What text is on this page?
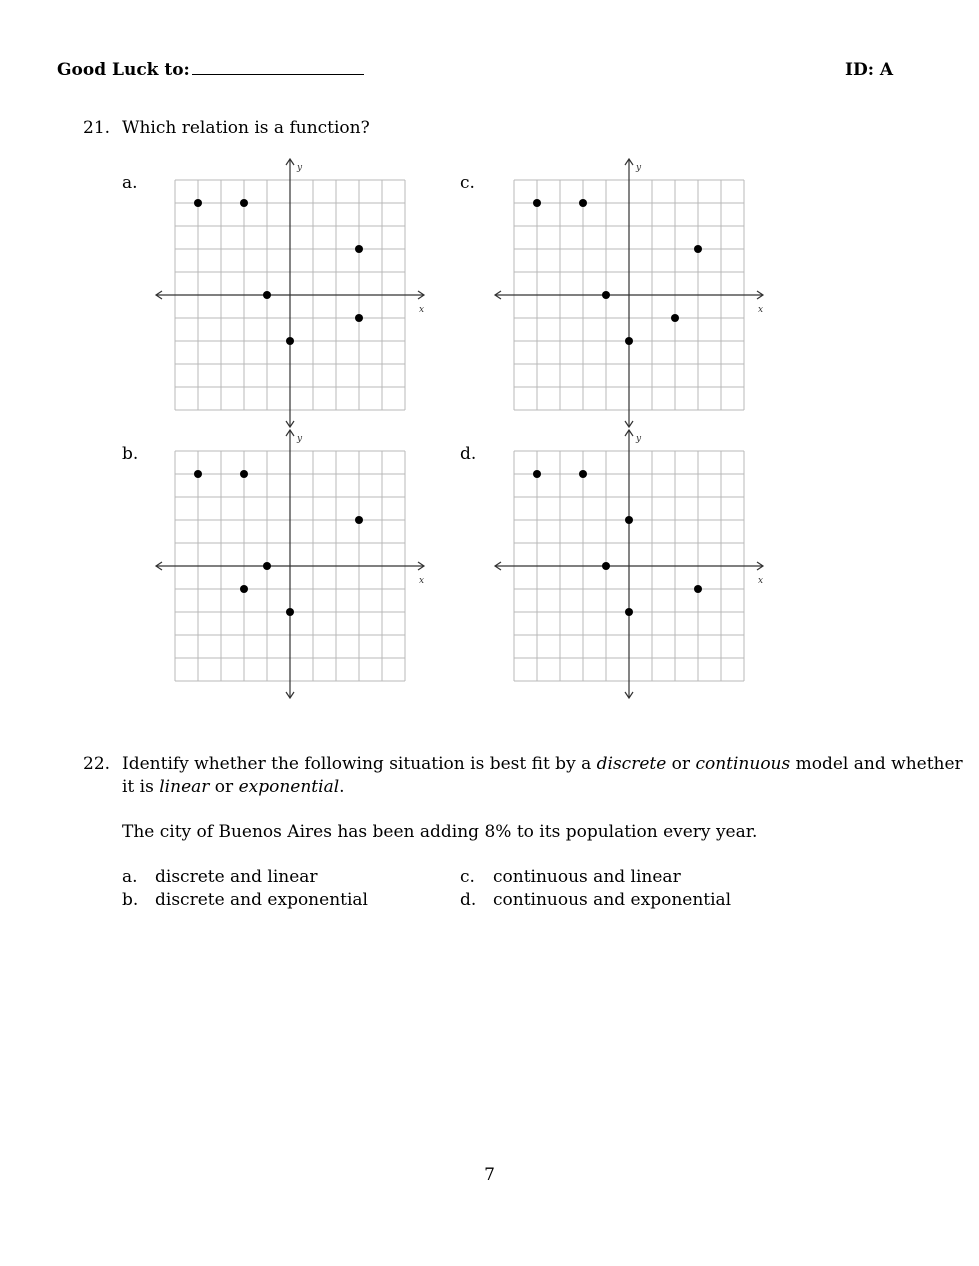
Good Luck to:	ID: A
21. Which relation is a function?
a.
b.
c.
d.
x
y
x
y
x
y
x
y
22. Identify whether the following situation is best fit by a discrete or continuous model and whether
it is linear or exponential.
The city of Buenos Aires has been adding 8% to its population every year.
a. discrete and linear
b. discrete and exponential
c. continuous and linear
d. continuous and exponential
7
